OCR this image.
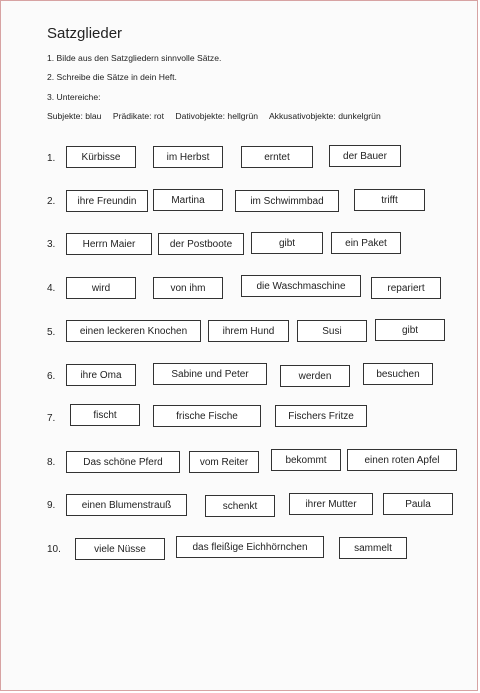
Satzglieder
1. Bilde aus den Satzgliedern sinnvolle Sätze.
2. Schreibe die Sätze in dein Heft.
3. Untereiche:
Subjekte: blau Prädikate: rot Dativobjekte: hellgrün Akkusativobjekte: dunkelgrün
1.	Kürbisse	im Herbst	erntet	der Bauer
2.	ihre Freundin	Martina	im Schwimmbad	trifft
3.	Herrn Maier	der Postboote	gibt	ein Paket
4.	wird	von ihm	die Waschmaschine	repariert
5.	einen leckeren Knochen	ihrem Hund	Susi	gibt
6.	ihre Oma	Sabine und Peter	werden	besuchen
7.	fischt	frische Fische	Fischers Fritze
8.	Das schöne Pferd	vom Reiter	bekommt	einen roten Apfel
9.	einen Blumenstrauß	schenkt	ihrer Mutter	Paula
10.	viele Nüsse	das fleißige Eichhörnchen	sammelt
